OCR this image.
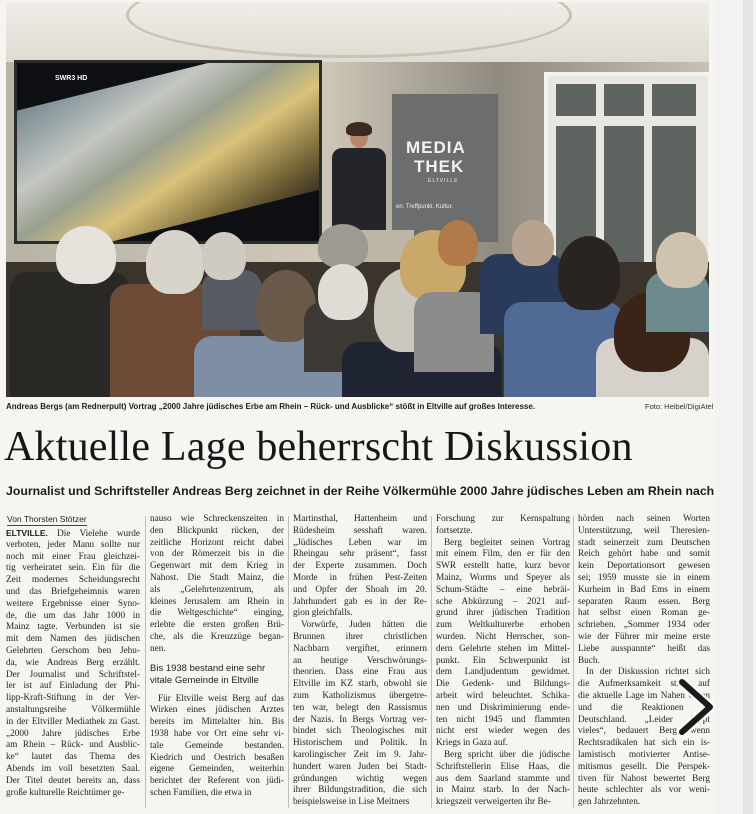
SWR3 HD
MEDIA
THEK
ELTVILLE
en. Treffpunkt. Kultur.
Andreas Bergs (am Rednerpult) Vortrag „2000 Jahre jüdisches Erbe am Rhein – Rück- und Ausblicke“ stößt in Eltville auf großes Interesse.	Foto: Heibel/DigiAtel
Aktuelle Lage beherrscht Diskussion
Journalist und Schriftsteller Andreas Berg zeichnet in der Reihe Völkermühle 2000 Jahre jüdisches Leben am Rhein nach
Von Thorsten Stötzer
ELTVILLE. Die Vielehe wurde
verboten, jeder Mann sollte nur
noch mit einer Frau gleichzei-
tig verheiratet sein. Ein für die
Zeit modernes Scheidungsrecht
und das Briefgeheimnis waren
weitere Ergebnisse einer Syno-
de, die um das Jahr 1000 in
Mainz tagte. Verbunden ist sie
mit dem Namen des jüdischen
Gelehrten Gerschom ben Jehu-
da, wie Andreas Berg erzählt.
Der Journalist und Schriftstel-
ler ist auf Einladung der Phi-
lipp-Kraft-Stiftung in der Ver-
anstaltungsreihe Völkermühle
in der Eltviller Mediathek zu Gast.
„2000 Jahre jüdisches Erbe
am Rhein – Rück- und Ausblic-
ke“ lautet das Thema des
Abends im voll besetzten Saal.
Der Titel deutet bereits an, dass
große kulturelle Reichtümer ge-
nauso wie Schreckenszeiten in
den Blickpunkt rücken, der
zeitliche Horizont reicht dabei
von der Römerzeit bis in die
Gegenwart mit dem Krieg in
Nahost. Die Stadt Mainz, die
als „Gelehrtenzentrum, als
kleines Jerusalem am Rhein in
die Weltgeschichte“ einging,
erlebte die ersten großen Brü-
che, als die Kreuzzüge began-
nen.
Bis 1938 bestand eine sehr
vitale Gemeinde in Eltville
Für Eltville weist Berg auf das
Wirken eines jüdischen Arztes
bereits im Mittelalter hin. Bis
1938 habe vor Ort eine sehr vi-
tale Gemeinde bestanden.
Kiedrich und Oestrich besaßen
eigene Gemeinden, weiterhin
berichtet der Referent von jüdi-
schen Familien, die etwa in
Martinsthal, Hattenheim und
Rüdesheim sesshaft waren.
„Jüdisches Leben war im
Rheingau sehr präsent“, fasst
der Experte zusammen. Doch
Morde in frühen Pest-Zeiten
und Opfer der Shoah im 20.
Jahrhundert gab es in der Re-
gion gleichfalls.
Vorwürfe, Juden hätten die
Brunnen ihrer christlichen
Nachbarn vergiftet, erinnern
an heutige Verschwörungs-
theorien. Dass eine Frau aus
Eltville im KZ starb, obwohl sie
zum Katholizismus übergetre-
ten war, belegt den Rassismus
der Nazis. In Bergs Vortrag ver-
bindet sich Theologisches mit
Historischem und Politik. In
karolingischer Zeit im 9. Jahr-
hundert waren Juden bei Stadt-
gründungen wichtig wegen
ihrer Bildungstradition, die sich
beispielsweise in Lise Meitners
Forschung zur Kernspaltung
fortsetzte.
Berg begleitet seinen Vortrag
mit einem Film, den er für den
SWR erstellt hatte, kurz bevor
Mainz, Worms und Speyer als
Schum-Städte – eine hebräi-
sche Abkürzung – 2021 auf-
grund ihrer jüdischen Tradition
zum Weltkulturerbe erhoben
wurden. Nicht Herrscher, son-
dern Gelehrte stehen im Mittel-
punkt. Ein Schwerpunkt ist
dem Landjudentum gewidmet.
Die Gedenk- und Bildungs-
arbeit wird beleuchtet. Schika-
nen und Diskriminierung ende-
ten nicht 1945 und flammten
nicht erst wieder wegen des
Kriegs in Gaza auf.
Berg spricht über die jüdische
Schriftstellerin Elise Haas, die
aus dem Saarland stammte und
in Mainz starb. In der Nach-
kriegszeit verweigerten ihr Be-
hörden nach seinen Worten
Unterstützung, weil Theresien-
stadt seinerzeit zum Deutschen
Reich gehört habe und somit
kein Deportationsort gewesen
sei; 1959 musste sie in einem
Kurheim in Bad Ems in einem
separaten Raum essen. Berg
hat selbst einen Roman ge-
schrieben. „Sommer 1934 oder
wie der Führer mir meine erste
Liebe ausspannte“ heißt das
Buch.
In der Diskussion richtet sich
die Aufmerksamkeit stark auf
die aktuelle Lage im Nahen Osten
und die Reaktionen in
Deutschland. „Leider kippt
vieles“, bedauert Berg, wenn
Rechtsradikalen hat sich ein is-
lamistisch motivierter Antise-
mitismus gesellt. Die Perspek-
tiven für Nahost bewertet Berg
heute schlechter als vor weni-
gen Jahrzehnten.
